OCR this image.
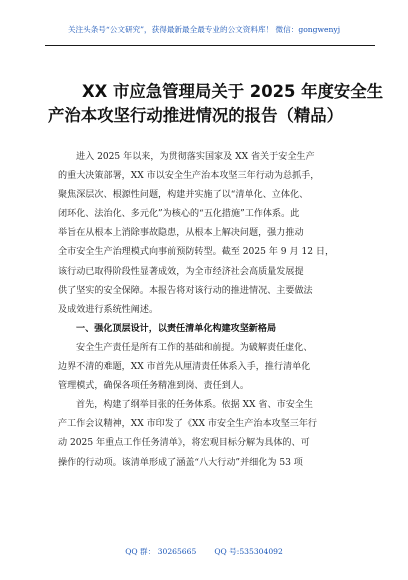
关注头条号“公文研究”，获得最新最全最专业的公文资料库！ 微信：gongwenyj
XX 市应急管理局关于 2025 年度安全生
产治本攻坚行动推进情况的报告（精品）
进入 2025 年以来，为贯彻落实国家及 XX 省关于安全生产
的重大决策部署，XX 市以安全生产治本攻坚三年行动为总抓手，
聚焦深层次、根源性问题，构建并实施了以“清单化、立体化、
闭环化、法治化、多元化”为核心的“五化措施”工作体系。此
举旨在从根本上消除事故隐患，从根本上解决问题，强力推动
全市安全生产治理模式向事前预防转型。截至 2025 年 9 月 12 日，
该行动已取得阶段性显著成效，为全市经济社会高质量发展提
供了坚实的安全保障。本报告将对该行动的推进情况、主要做法
及成效进行系统性阐述。
一、强化顶层设计，以责任清单化构建攻坚新格局
安全生产责任是所有工作的基础和前提。为破解责任虚化、
边界不清的难题，XX 市首先从厘清责任体系入手，推行清单化
管理模式，确保各项任务精准到岗、责任到人。
首先，构建了纲举目张的任务体系。依据 XX 省、市安全生
产工作会议精神，XX 市印发了《XX 市安全生产治本攻坚三年行
动 2025 年重点工作任务清单》，将宏观目标分解为具体的、可
操作的行动项。该清单形成了涵盖“八大行动”并细化为 53 项
QQ 群： 30265665 QQ 号:535304092
